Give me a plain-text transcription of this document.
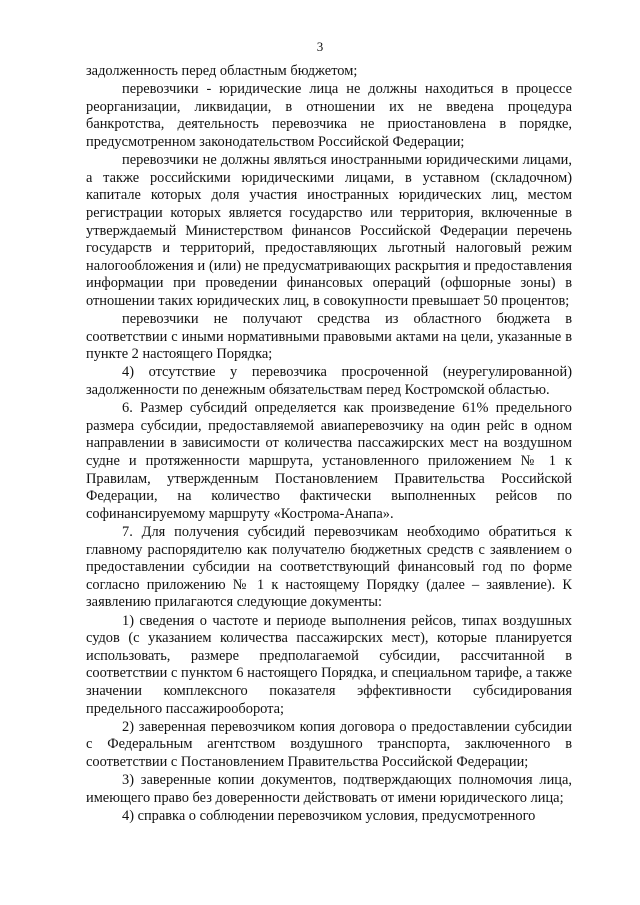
3

задолженность перед областным бюджетом;

перевозчики - юридические лица не должны находиться в процессе реорганизации, ликвидации, в отношении их не введена процедура банкротства, деятельность перевозчика не приостановлена в порядке, предусмотренном законодательством Российской Федерации;

перевозчики не должны являться иностранными юридическими лицами, а также российскими юридическими лицами, в уставном (складочном) капитале которых доля участия иностранных юридических лиц, местом регистрации которых является государство или территория, включенные в утверждаемый Министерством финансов Российской Федерации перечень государств и территорий, предоставляющих льготный налоговый режим налогообложения и (или) не предусматривающих раскрытия и предоставления информации при проведении финансовых операций (офшорные зоны) в отношении таких юридических лиц, в совокупности превышает 50 процентов;

перевозчики не получают средства из областного бюджета в соответствии с иными нормативными правовыми актами на цели, указанные в пункте 2 настоящего Порядка;

4) отсутствие у перевозчика просроченной (неурегулированной) задолженности по денежным обязательствам перед Костромской областью.

6. Размер субсидий определяется как произведение 61% предельного размера субсидии, предоставляемой авиаперевозчику на один рейс в одном направлении в зависимости от количества пассажирских мест на воздушном судне и протяженности маршрута, установленного приложением № 1 к Правилам, утвержденным Постановлением Правительства Российской Федерации, на количество фактически выполненных рейсов по софинансируемому маршруту «Кострома-Анапа».

7. Для получения субсидий перевозчикам необходимо обратиться к главному распорядителю как получателю бюджетных средств с заявлением о предоставлении субсидии на соответствующий финансовый год по форме согласно приложению № 1 к настоящему Порядку (далее – заявление). К заявлению прилагаются следующие документы:

1) сведения о частоте и периоде выполнения рейсов, типах воздушных судов (с указанием количества пассажирских мест), которые планируется использовать, размере предполагаемой субсидии, рассчитанной в соответствии с пунктом 6 настоящего Порядка, и специальном тарифе, а также значении комплексного показателя эффективности субсидирования предельного пассажирооборота;

2) заверенная перевозчиком копия договора о предоставлении субсидии с Федеральным агентством воздушного транспорта, заключенного в соответствии с Постановлением Правительства Российской Федерации;

3) заверенные копии документов, подтверждающих полномочия лица, имеющего право без доверенности действовать от имени юридического лица;

4) справка о соблюдении перевозчиком условия, предусмотренного
